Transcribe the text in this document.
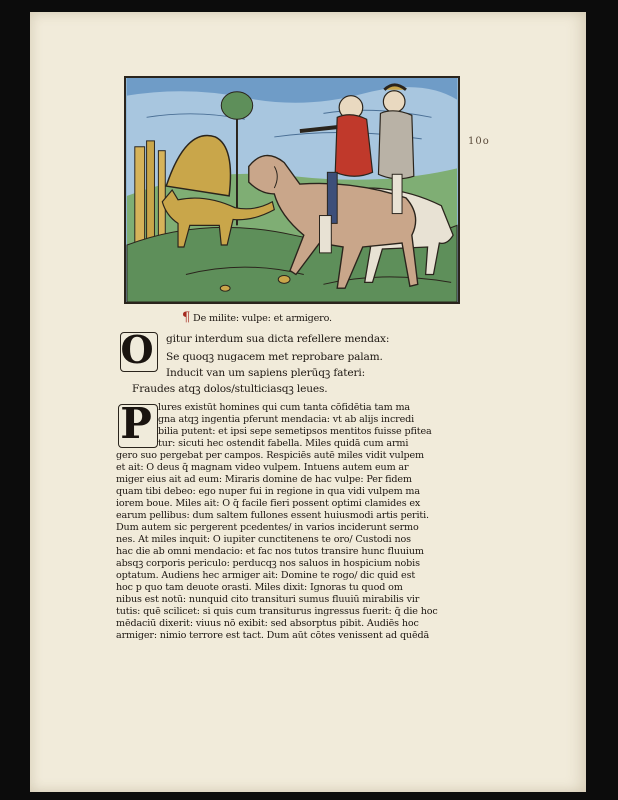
10o
¶ De milite: vulpe: et armigero.
O gitur interdum sua dicta refellere mendax:
Se quoqꝫ nugacem met reprobare palam.
Inducit van um sapiens plerūqꝫ fateri:
Fraudes atqꝫ dolos/stulticiasqꝫ leues.
P lures existūt homines qui cum tanta cōfidētia tam ma
gna atqꝫ ingentia pferunt mendacia: vt ab alijs incredi
bilia putent: et ipsi sepe semetipsos mentitos fuisse pfitea
tur: sicuti hec ostendit fabella. Miles quidā cum armi
gero suo pergebat per campos. Respiciēs autē miles vidit vulpem
et ait: O deus q̄ magnam video vulpem. Intuens autem eum ar
miger eius ait ad eum: Miraris domine de hac vulpe: Per fidem
quam tibi debeo: ego nuper fui in regione in qua vidi vulpem ma
iorem boue. Miles ait: O q̄ facile fieri possent optimi clamides ex
earum pellibus: dum saltem fullones essent huiusmodi artis periti.
Dum autem sic pergerent pcedentes/ in varios inciderunt sermo
nes. At miles inquit: O iupiter cunctitenens te oro/ Custodi nos
hac die ab omni mendacio: et fac nos tutos transire hunc fluuium
absqꝫ corporis periculo: perducqꝫ nos saluos in hospicium nobis
optatum. Audiens hec armiger ait: Domine te rogo/ dic quid est
hoc p quo tam deuote orasti. Miles dixit: Ignoras tu quod om
nibus est notū: nunquid cito transituri sumus fluuiū mirabilis vir
tutis: quē scilicet: si quis cum transiturus ingressus fuerit: q̄ die hoc
mēdaciū dixerit: viuus nō exibit: sed absorptus pibit. Audiēs hoc
armiger: nimio terrore est tact. Dum aūt cōtes venissent ad quēdā
